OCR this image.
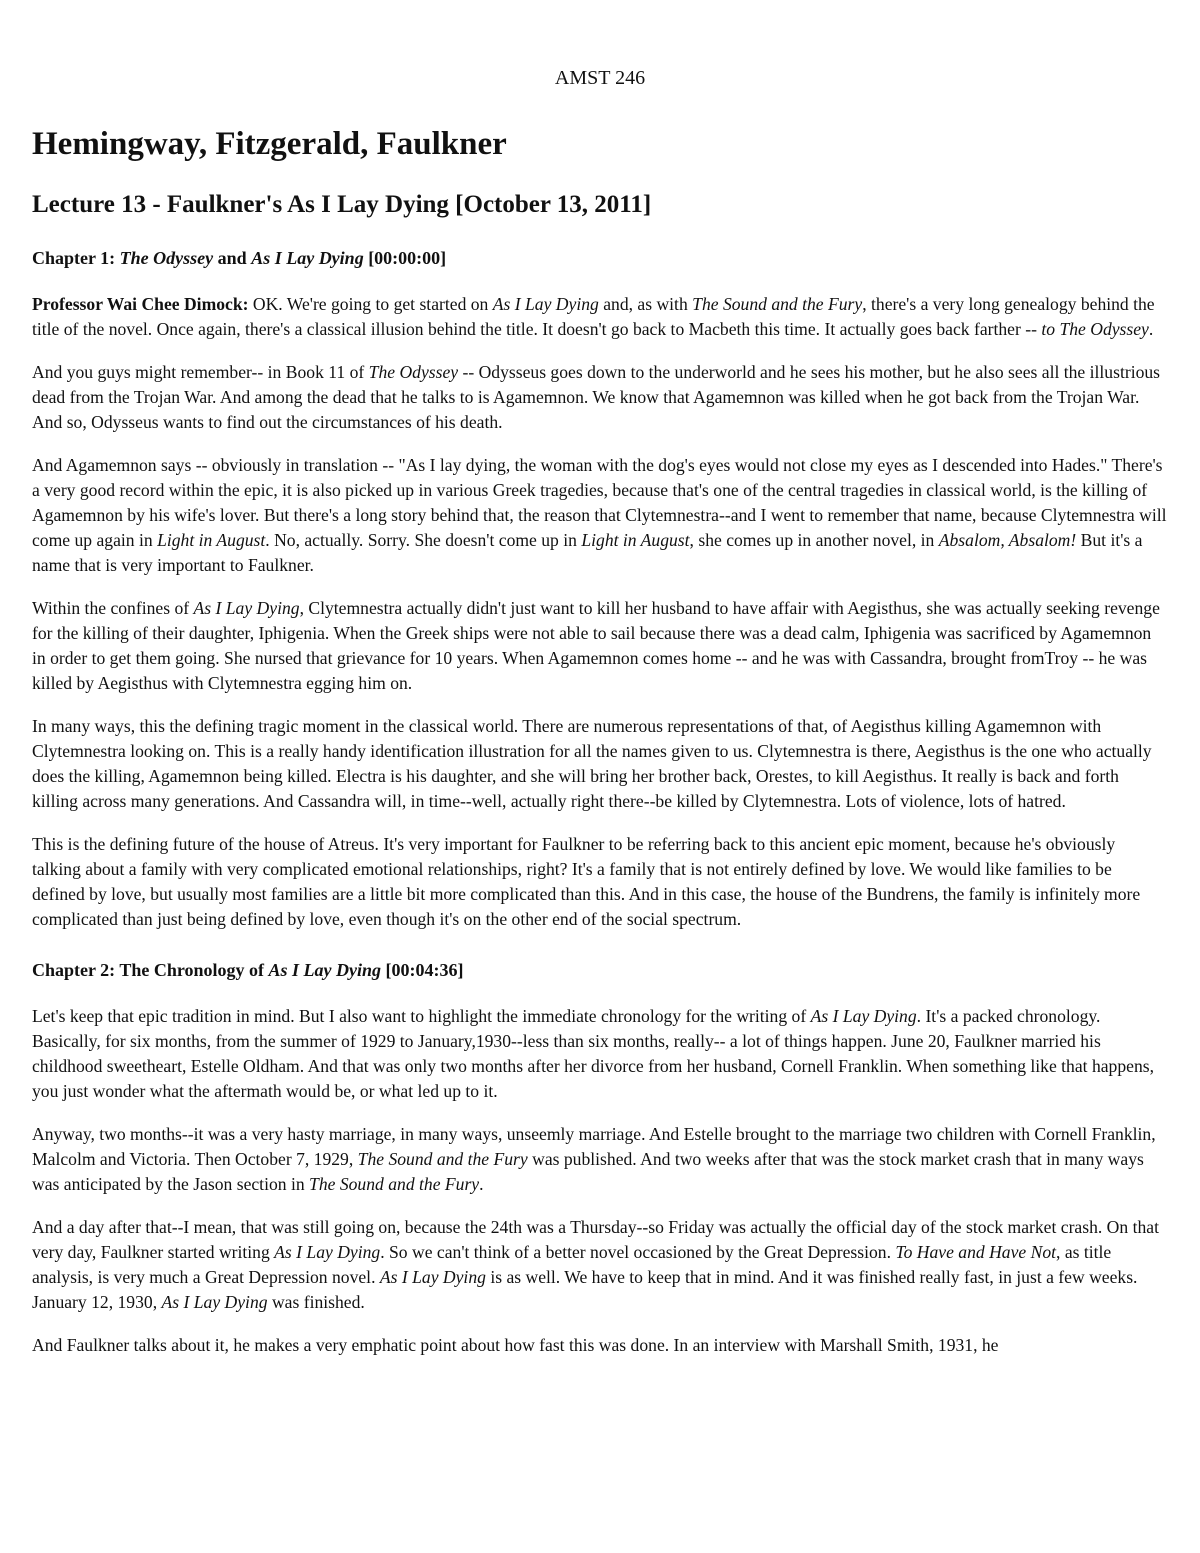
AMST 246

Hemingway, Fitzgerald, Faulkner
Lecture 13 - Faulkner's As I Lay Dying [October 13, 2011]

Chapter 1: The Odyssey and As I Lay Dying [00:00:00]

Professor Wai Chee Dimock: OK. We're going to get started on As I Lay Dying and, as with The Sound and the Fury, there's a very long genealogy behind the title of the novel. Once again, there's a classical illusion behind the title. It doesn't go back to Macbeth this time. It actually goes back farther -- to The Odyssey.

And you guys might remember-- in Book 11 of The Odyssey -- Odysseus goes down to the underworld and he sees his mother, but he also sees all the illustrious dead from the Trojan War. And among the dead that he talks to is Agamemnon. We know that Agamemnon was killed when he got back from the Trojan War. And so, Odysseus wants to find out the circumstances of his death.

And Agamemnon says -- obviously in translation -- "As I lay dying, the woman with the dog's eyes would not close my eyes as I descended into Hades." There's a very good record within the epic, it is also picked up in various Greek tragedies, because that's one of the central tragedies in classical world, is the killing of Agamemnon by his wife's lover. But there's a long story behind that, the reason that Clytemnestra--and I went to remember that name, because Clytemnestra will come up again in Light in August. No, actually. Sorry. She doesn't come up in Light in August, she comes up in another novel, in Absalom, Absalom! But it's a name that is very important to Faulkner.

Within the confines of As I Lay Dying, Clytemnestra actually didn't just want to kill her husband to have affair with Aegisthus, she was actually seeking revenge for the killing of their daughter, Iphigenia. When the Greek ships were not able to sail because there was a dead calm, Iphigenia was sacrificed by Agamemnon in order to get them going. She nursed that grievance for 10 years. When Agamemnon comes home -- and he was with Cassandra, brought fromTroy -- he was killed by Aegisthus with Clytemnestra egging him on.

In many ways, this the defining tragic moment in the classical world. There are numerous representations of that, of Aegisthus killing Agamemnon with Clytemnestra looking on. This is a really handy identification illustration for all the names given to us. Clytemnestra is there, Aegisthus is the one who actually does the killing, Agamemnon being killed. Electra is his daughter, and she will bring her brother back, Orestes, to kill Aegisthus. It really is back and forth killing across many generations. And Cassandra will, in time--well, actually right there--be killed by Clytemnestra. Lots of violence, lots of hatred.

This is the defining future of the house of Atreus. It's very important for Faulkner to be referring back to this ancient epic moment, because he's obviously talking about a family with very complicated emotional relationships, right? It's a family that is not entirely defined by love. We would like families to be defined by love, but usually most families are a little bit more complicated than this. And in this case, the house of the Bundrens, the family is infinitely more complicated than just being defined by love, even though it's on the other end of the social spectrum.

Chapter 2: The Chronology of As I Lay Dying [00:04:36]

Let's keep that epic tradition in mind. But I also want to highlight the immediate chronology for the writing of As I Lay Dying. It's a packed chronology. Basically, for six months, from the summer of 1929 to January,1930--less than six months, really-- a lot of things happen. June 20, Faulkner married his childhood sweetheart, Estelle Oldham. And that was only two months after her divorce from her husband, Cornell Franklin. When something like that happens, you just wonder what the aftermath would be, or what led up to it.

Anyway, two months--it was a very hasty marriage, in many ways, unseemly marriage. And Estelle brought to the marriage two children with Cornell Franklin, Malcolm and Victoria. Then October 7, 1929, The Sound and the Fury was published. And two weeks after that was the stock market crash that in many ways was anticipated by the Jason section in The Sound and the Fury.

And a day after that--I mean, that was still going on, because the 24th was a Thursday--so Friday was actually the official day of the stock market crash. On that very day, Faulkner started writing As I Lay Dying. So we can't think of a better novel occasioned by the Great Depression. To Have and Have Not, as title analysis, is very much a Great Depression novel. As I Lay Dying is as well. We have to keep that in mind. And it was finished really fast, in just a few weeks. January 12, 1930, As I Lay Dying was finished.

And Faulkner talks about it, he makes a very emphatic point about how fast this was done. In an interview with Marshall Smith, 1931, he
